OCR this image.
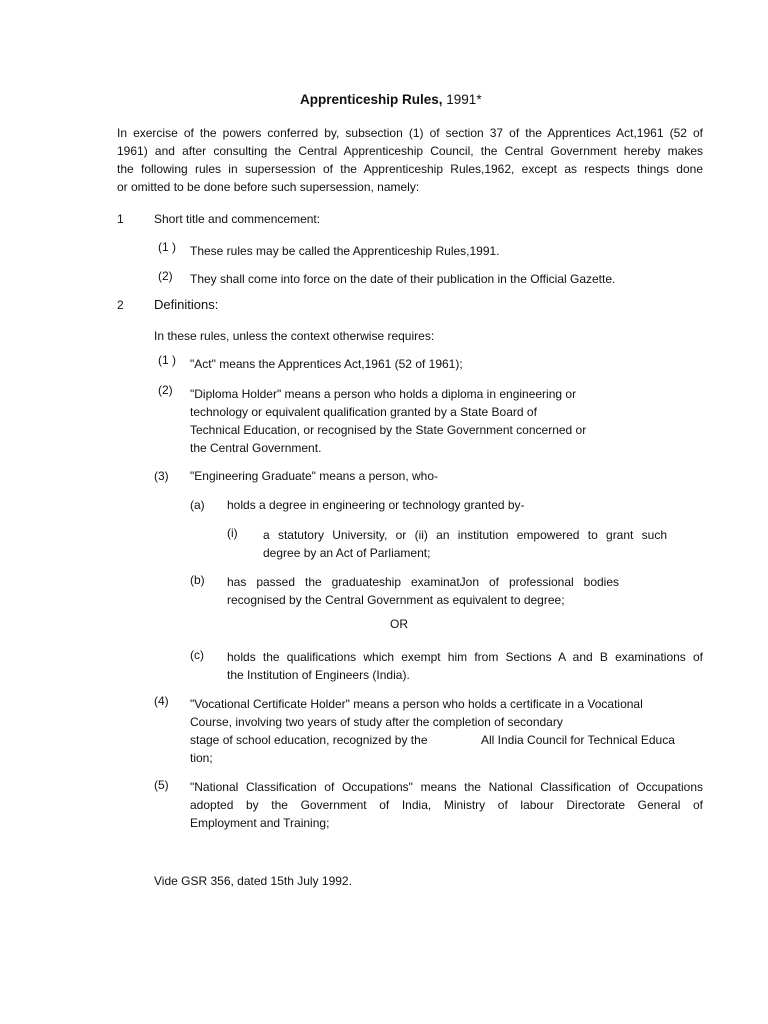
Apprenticeship Rules, 1991*
In exercise of the powers conferred by, subsection (1) of section 37 of the Apprentices Act,1961 (52 of
1961) and after consulting the Central Apprenticeship Council, the Central Government hereby makes
the following rules in supersession of the Apprenticeship Rules,1962, except as respects things done
or omitted to be done before such supersession, namely:
1	Short title and commencement:
(1 ) These rules may be called the Apprenticeship Rules,1991.
(2) They shall come into force on the date of their publication in the Official Gazette.
2 Definitions:
In these rules, unless the context otherwise requires:
(1 ) "Act" means the Apprentices Act,1961 (52 of 1961);
(2) "Diploma Holder" means a person who holds a diploma in engineering or
technology or equivalent qualification granted by a State Board of
Technical Education, or recognised by the State Government concerned or
the Central Government.
(3) "Engineering Graduate" means a person, who-
(a) holds a degree in engineering or technology granted by-
(i) a statutory University, or (ii) an institution empowered to grant such
degree by an Act of Parliament;
(b) has passed the graduateship examinatJon of professional bodies
recognised by the Central Government as equivalent to degree;
OR
(c) holds the qualifications which exempt him from Sections A and B examinations of
the Institution of Engineers (India).
(4) "Vocational Certificate Holder" means a person who holds a certificate in a Vocational
Course, involving two years of study after the completion of secondary
stage of school education, recognized by the	All India Council for Technical Educa
tion;
(5) "National Classification of Occupations" means the National Classification of Occupations
adopted by the Government of India, Ministry of labour Directorate General of
Employment and Training;
Vide GSR 356, dated 15th July 1992.
